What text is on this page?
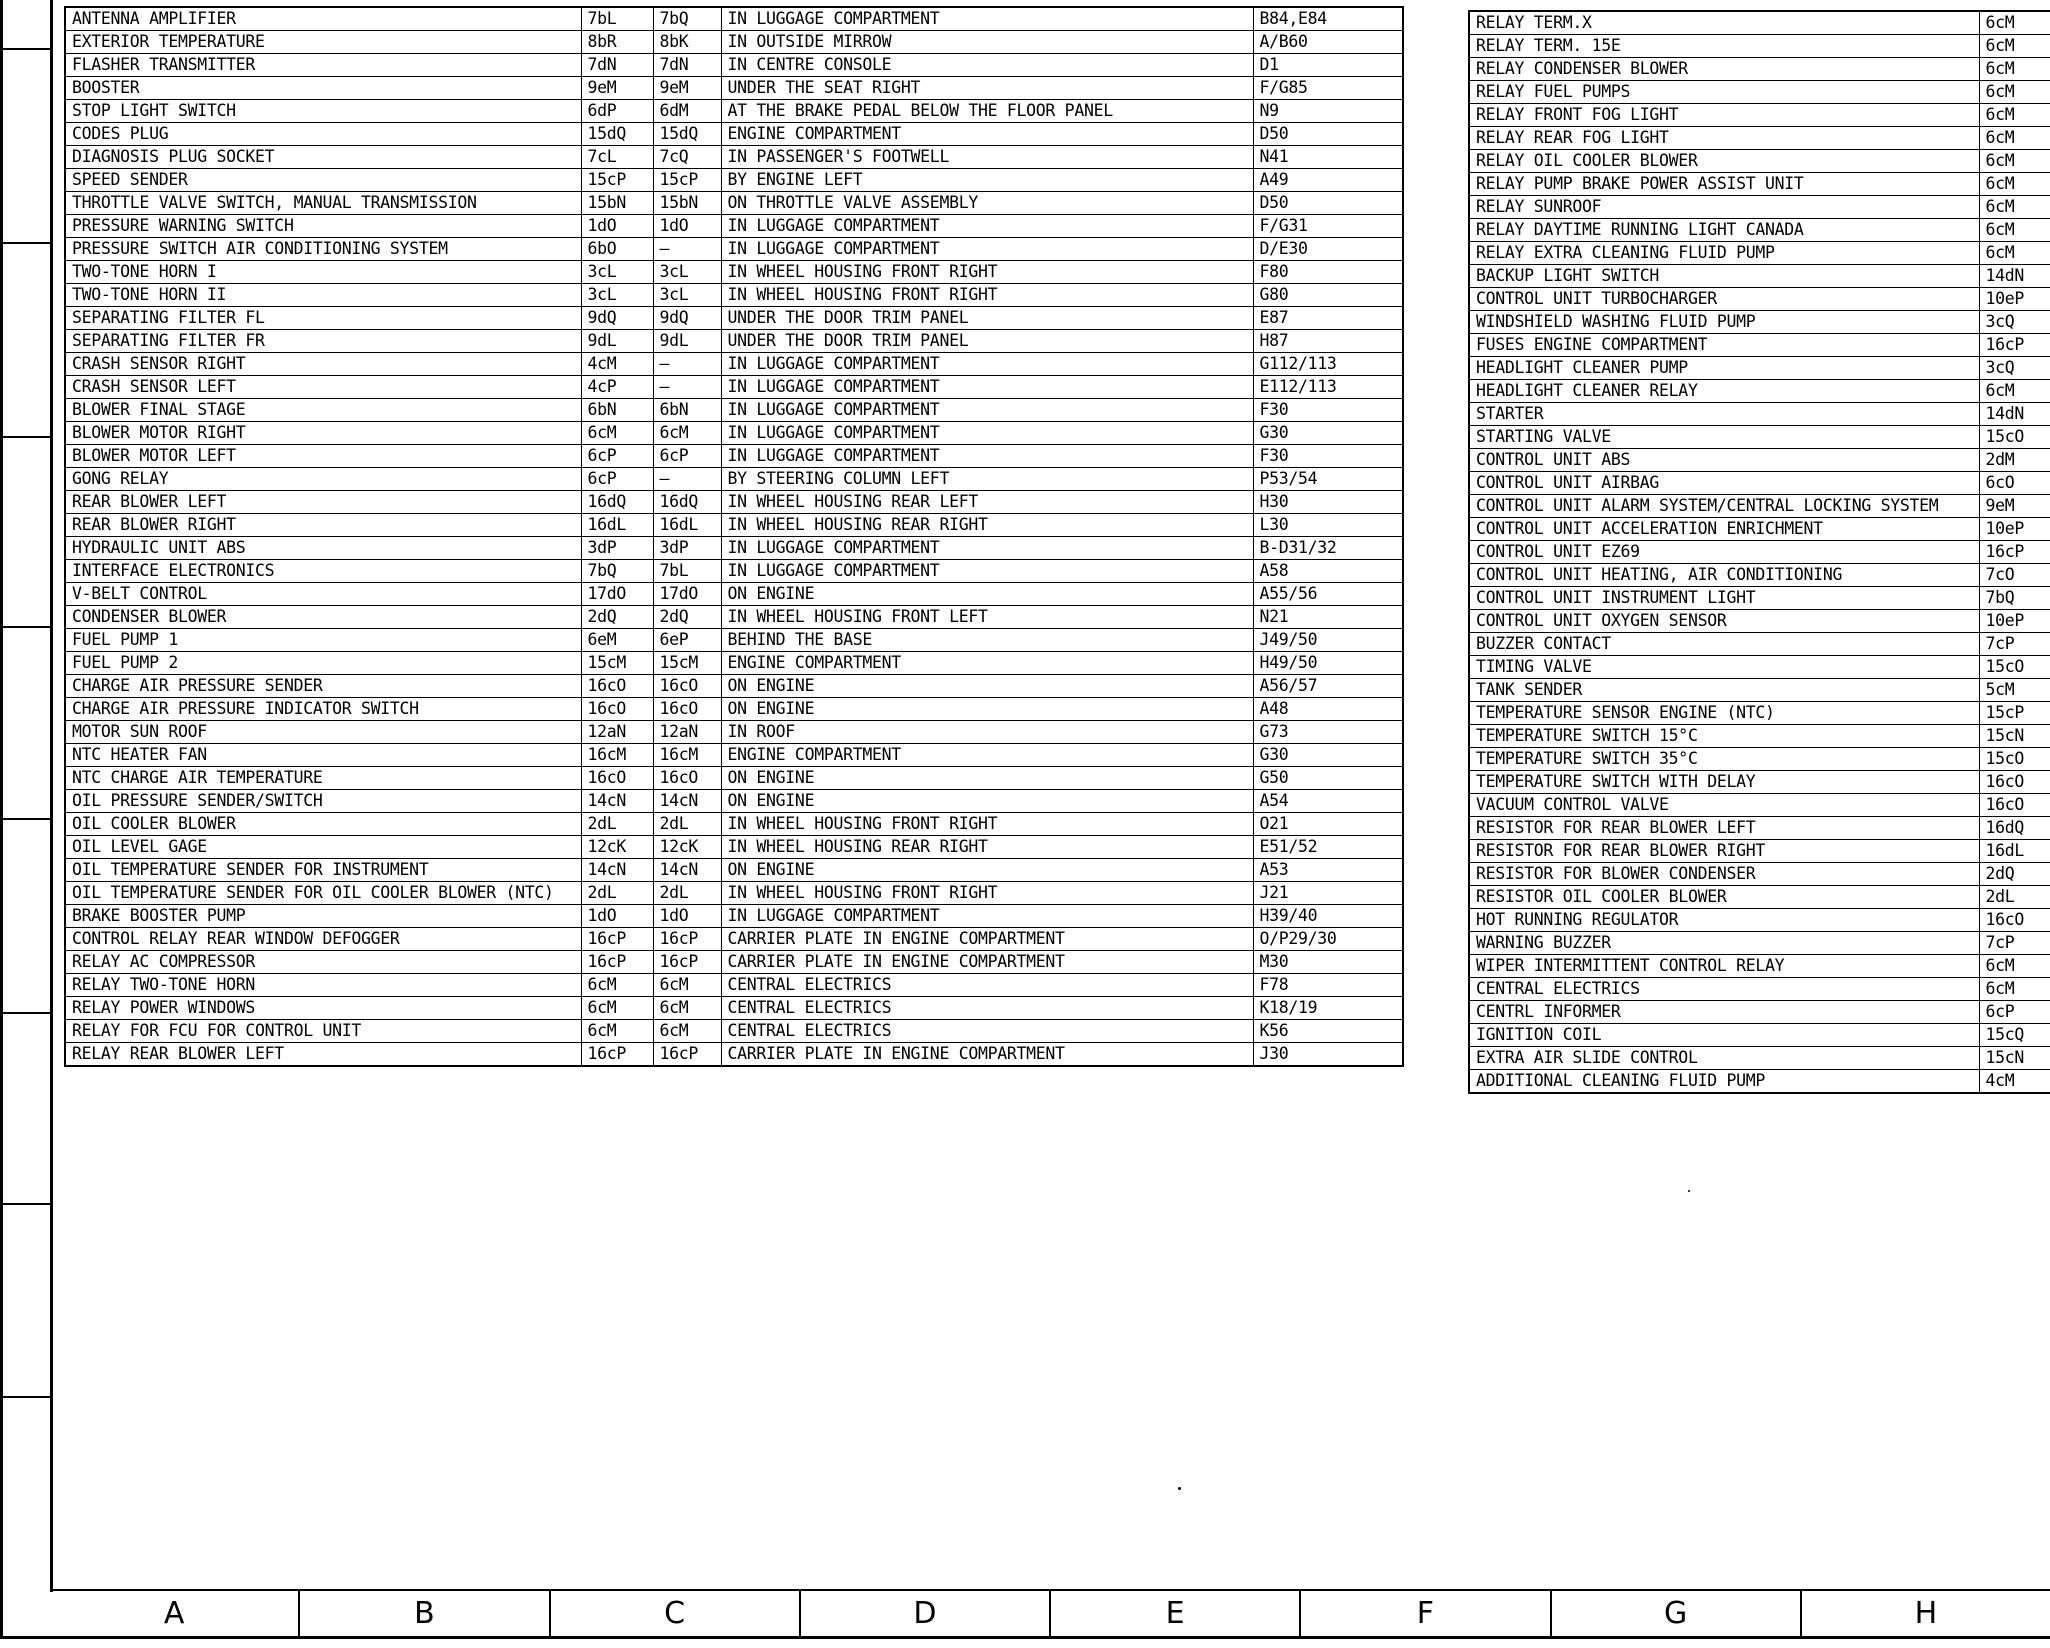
ANTENNA AMPLIFIER	7bL	7bQ	IN LUGGAGE COMPARTMENT	B84,E84
EXTERIOR TEMPERATURE	8bR	8bK	IN OUTSIDE MIRROW	A/B60
FLASHER TRANSMITTER	7dN	7dN	IN CENTRE CONSOLE	D1
BOOSTER	9eM	9eM	UNDER THE SEAT RIGHT	F/G85
STOP LIGHT SWITCH	6dP	6dM	AT THE BRAKE PEDAL BELOW THE FLOOR PANEL	N9
CODES PLUG	15dQ	15dQ	ENGINE COMPARTMENT	D50
DIAGNOSIS PLUG SOCKET	7cL	7cQ	IN PASSENGER'S FOOTWELL	N41
SPEED SENDER	15cP	15cP	BY ENGINE LEFT	A49
THROTTLE VALVE SWITCH, MANUAL TRANSMISSION	15bN	15bN	ON THROTTLE VALVE ASSEMBLY	D50
PRESSURE WARNING SWITCH	1dO	1dO	IN LUGGAGE COMPARTMENT	F/G31
PRESSURE SWITCH AIR CONDITIONING SYSTEM	6bO	—	IN LUGGAGE COMPARTMENT	D/E30
TWO-TONE HORN I	3cL	3cL	IN WHEEL HOUSING FRONT RIGHT	F80
TWO-TONE HORN II	3cL	3cL	IN WHEEL HOUSING FRONT RIGHT	G80
SEPARATING FILTER FL	9dQ	9dQ	UNDER THE DOOR TRIM PANEL	E87
SEPARATING FILTER FR	9dL	9dL	UNDER THE DOOR TRIM PANEL	H87
CRASH SENSOR RIGHT	4cM	—	IN LUGGAGE COMPARTMENT	G112/113
CRASH SENSOR LEFT	4cP	—	IN LUGGAGE COMPARTMENT	E112/113
BLOWER FINAL STAGE	6bN	6bN	IN LUGGAGE COMPARTMENT	F30
BLOWER MOTOR RIGHT	6cM	6cM	IN LUGGAGE COMPARTMENT	G30
BLOWER MOTOR LEFT	6cP	6cP	IN LUGGAGE COMPARTMENT	F30
GONG RELAY	6cP	—	BY STEERING COLUMN LEFT	P53/54
REAR BLOWER LEFT	16dQ	16dQ	IN WHEEL HOUSING REAR LEFT	H30
REAR BLOWER RIGHT	16dL	16dL	IN WHEEL HOUSING REAR RIGHT	L30
HYDRAULIC UNIT ABS	3dP	3dP	IN LUGGAGE COMPARTMENT	B-D31/32
INTERFACE ELECTRONICS	7bQ	7bL	IN LUGGAGE COMPARTMENT	A58
V-BELT CONTROL	17dO	17dO	ON ENGINE	A55/56
CONDENSER BLOWER	2dQ	2dQ	IN WHEEL HOUSING FRONT LEFT	N21
FUEL PUMP 1	6eM	6eP	BEHIND THE BASE	J49/50
FUEL PUMP 2	15cM	15cM	ENGINE COMPARTMENT	H49/50
CHARGE AIR PRESSURE SENDER	16cO	16cO	ON ENGINE	A56/57
CHARGE AIR PRESSURE INDICATOR SWITCH	16cO	16cO	ON ENGINE	A48
MOTOR SUN ROOF	12aN	12aN	IN ROOF	G73
NTC HEATER FAN	16cM	16cM	ENGINE COMPARTMENT	G30
NTC CHARGE AIR TEMPERATURE	16cO	16cO	ON ENGINE	G50
OIL PRESSURE SENDER/SWITCH	14cN	14cN	ON ENGINE	A54
OIL COOLER BLOWER	2dL	2dL	IN WHEEL HOUSING FRONT RIGHT	O21
OIL LEVEL GAGE	12cK	12cK	IN WHEEL HOUSING REAR RIGHT	E51/52
OIL TEMPERATURE SENDER FOR INSTRUMENT	14cN	14cN	ON ENGINE	A53
OIL TEMPERATURE SENDER FOR OIL COOLER BLOWER (NTC)	2dL	2dL	IN WHEEL HOUSING FRONT RIGHT	J21
BRAKE BOOSTER PUMP	1dO	1dO	IN LUGGAGE COMPARTMENT	H39/40
CONTROL RELAY REAR WINDOW DEFOGGER	16cP	16cP	CARRIER PLATE IN ENGINE COMPARTMENT	O/P29/30
RELAY AC COMPRESSOR	16cP	16cP	CARRIER PLATE IN ENGINE COMPARTMENT	M30
RELAY TWO-TONE HORN	6cM	6cM	CENTRAL ELECTRICS	F78
RELAY POWER WINDOWS	6cM	6cM	CENTRAL ELECTRICS	K18/19
RELAY FOR FCU FOR CONTROL UNIT	6cM	6cM	CENTRAL ELECTRICS	K56
RELAY REAR BLOWER LEFT	16cP	16cP	CARRIER PLATE IN ENGINE COMPARTMENT	J30
RELAY TERM.X	6cM
RELAY TERM. 15E	6cM
RELAY CONDENSER BLOWER	6cM
RELAY FUEL PUMPS	6cM
RELAY FRONT FOG LIGHT	6cM
RELAY REAR FOG LIGHT	6cM
RELAY OIL COOLER BLOWER	6cM
RELAY PUMP BRAKE POWER ASSIST UNIT	6cM
RELAY SUNROOF	6cM
RELAY DAYTIME RUNNING LIGHT CANADA	6cM
RELAY EXTRA CLEANING FLUID PUMP	6cM
BACKUP LIGHT SWITCH	14dN
CONTROL UNIT TURBOCHARGER	10eP
WINDSHIELD WASHING FLUID PUMP	3cQ
FUSES ENGINE COMPARTMENT	16cP
HEADLIGHT CLEANER PUMP	3cQ
HEADLIGHT CLEANER RELAY	6cM
STARTER	14dN
STARTING VALVE	15cO
CONTROL UNIT ABS	2dM
CONTROL UNIT AIRBAG	6cO
CONTROL UNIT ALARM SYSTEM/CENTRAL LOCKING SYSTEM	9eM
CONTROL UNIT ACCELERATION ENRICHMENT	10eP
CONTROL UNIT EZ69	16cP
CONTROL UNIT HEATING, AIR CONDITIONING	7cO
CONTROL UNIT INSTRUMENT LIGHT	7bQ
CONTROL UNIT OXYGEN SENSOR	10eP
BUZZER CONTACT	7cP
TIMING VALVE	15cO
TANK SENDER	5cM
TEMPERATURE SENSOR ENGINE (NTC)	15cP
TEMPERATURE SWITCH 15°C	15cN
TEMPERATURE SWITCH 35°C	15cO
TEMPERATURE SWITCH WITH DELAY	16cO
VACUUM CONTROL VALVE	16cO
RESISTOR FOR REAR BLOWER LEFT	16dQ
RESISTOR FOR REAR BLOWER RIGHT	16dL
RESISTOR FOR BLOWER CONDENSER	2dQ
RESISTOR OIL COOLER BLOWER	2dL
HOT RUNNING REGULATOR	16cO
WARNING BUZZER	7cP
WIPER INTERMITTENT CONTROL RELAY	6cM
CENTRAL ELECTRICS	6cM
CENTRL INFORMER	6cP
IGNITION COIL	15cQ
EXTRA AIR SLIDE CONTROL	15cN
ADDITIONAL CLEANING FLUID PUMP	4cM
A	B	C	D	E	F	G	H
